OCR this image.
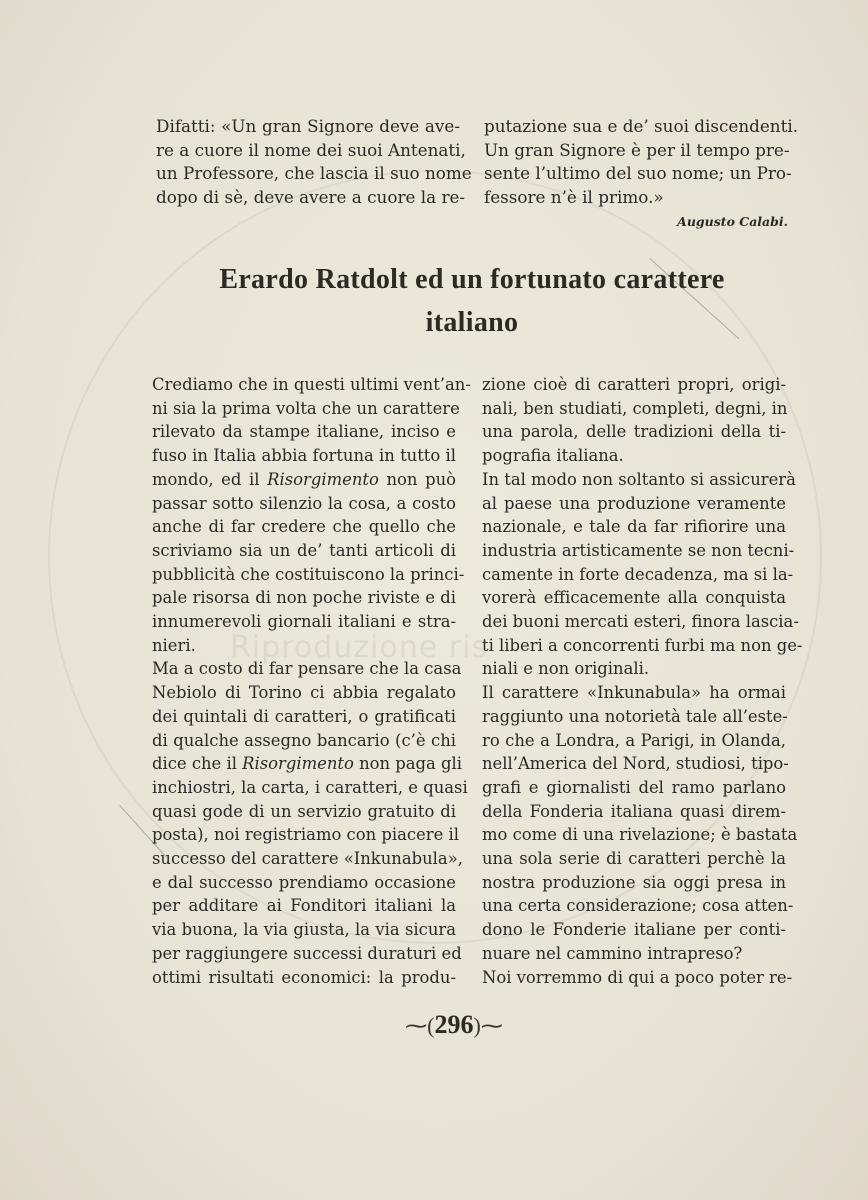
Riproduzione ris
Difatti: «Un gran Signore deve ave-
re a cuore il nome dei suoi Antenati,
un Professore, che lascia il suo nome
dopo di sè, deve avere a cuore la re-
putazione sua e de’ suoi discendenti.
Un gran Signore è per il tempo pre-
sente l’ultimo del suo nome; un Pro-
fessore n’è il primo.»
Augusto Calabi.
Erardo Ratdolt ed un fortunato carattere
italiano
Crediamo che in questi ultimi vent’an-
ni sia la prima volta che un carattere
rilevato da stampe italiane, inciso e
fuso in Italia abbia fortuna in tutto il
mondo, ed il Risorgimento non può
passar sotto silenzio la cosa, a costo
anche di far credere che quello che
scriviamo sia un de’ tanti articoli di
pubblicità che costituiscono la princi-
pale risorsa di non poche riviste e di
innumerevoli giornali italiani e stra-
nieri.
Ma a costo di far pensare che la casa
Nebiolo di Torino ci abbia regalato
dei quintali di caratteri, o gratificati
di qualche assegno bancario (c’è chi
dice che il Risorgimento non paga gli
inchiostri, la carta, i caratteri, e quasi
quasi gode di un servizio gratuito di
posta), noi registriamo con piacere il
successo del carattere «Inkunabula»,
e dal successo prendiamo occasione
per additare ai Fonditori italiani la
via buona, la via giusta, la via sicura
per raggiungere successi duraturi ed
ottimi risultati economici: la produ-
zione cioè di caratteri propri, origi-
nali, ben studiati, completi, degni, in
una parola, delle tradizioni della ti-
pografia italiana.
In tal modo non soltanto si assicurerà
al paese una produzione veramente
nazionale, e tale da far rifiorire una
industria artisticamente se non tecni-
camente in forte decadenza, ma si la-
vorerà efficacemente alla conquista
dei buoni mercati esteri, finora lascia-
ti liberi a concorrenti furbi ma non ge-
niali e non originali.
Il carattere «Inkunabula» ha ormai
raggiunto una notorietà tale all’este-
ro che a Londra, a Parigi, in Olanda,
nell’America del Nord, studiosi, tipo-
grafi e giornalisti del ramo parlano
della Fonderia italiana quasi direm-
mo come di una rivelazione; è bastata
una sola serie di caratteri perchè la
nostra produzione sia oggi presa in
una certa considerazione; cosa atten-
dono le Fonderie italiane per conti-
nuare nel cammino intrapreso?
Noi vorremmo di qui a poco poter re-
⁓(296)⁓
